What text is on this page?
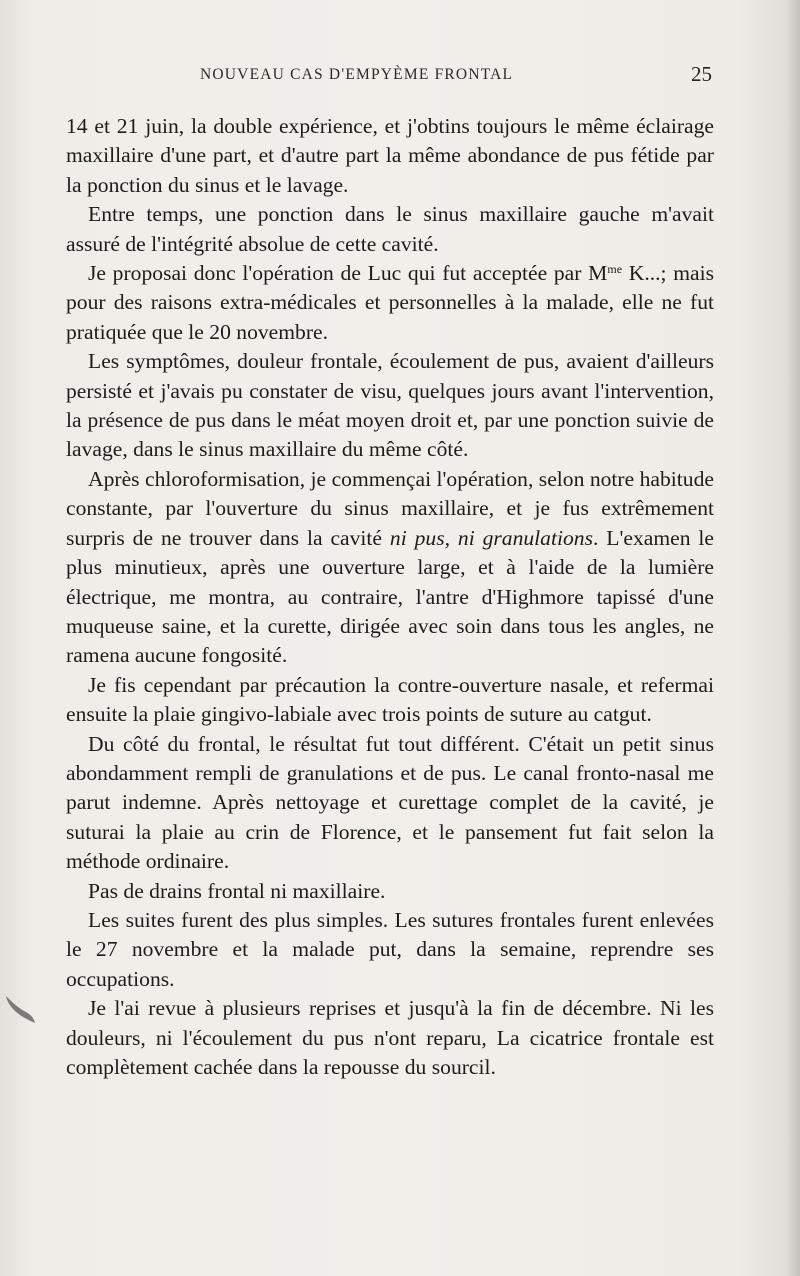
NOUVEAU CAS D'EMPYÈME FRONTAL	25

14 et 21 juin, la double expérience, et j'obtins toujours le même éclairage maxillaire d'une part, et d'autre part la même abondance de pus fétide par la ponction du sinus et le lavage.

Entre temps, une ponction dans le sinus maxillaire gauche m'avait assuré de l'intégrité absolue de cette cavité.

Je proposai donc l'opération de Luc qui fut acceptée par $M^{me}$ K...; mais pour des raisons extra-médicales et personnelles à la malade, elle ne fut pratiquée que le 20 novembre.

Les symptômes, douleur frontale, écoulement de pus, avaient d'ailleurs persisté et j'avais pu constater de visu, quelques jours avant l'intervention, la présence de pus dans le méat moyen droit et, par une ponction suivie de lavage, dans le sinus maxillaire du même côté.

Après chloroformisation, je commençai l'opération, selon notre habitude constante, par l'ouverture du sinus maxillaire, et je fus extrêmement surpris de ne trouver dans la cavité ni pus, ni granulations. L'examen le plus minutieux, après une ouverture large, et à l'aide de la lumière électrique, me montra, au contraire, l'antre d'Highmore tapissé d'une muqueuse saine, et la curette, dirigée avec soin dans tous les angles, ne ramena aucune fongosité.

Je fis cependant par précaution la contre-ouverture nasale, et refermai ensuite la plaie gingivo-labiale avec trois points de suture au catgut.

Du côté du frontal, le résultat fut tout différent. C'était un petit sinus abondamment rempli de granulations et de pus. Le canal fronto-nasal me parut indemne. Après nettoyage et curettage complet de la cavité, je suturai la plaie au crin de Florence, et le pansement fut fait selon la méthode ordinaire.

Pas de drains frontal ni maxillaire.

Les suites furent des plus simples. Les sutures frontales furent enlevées le 27 novembre et la malade put, dans la semaine, reprendre ses occupations.

Je l'ai revue à plusieurs reprises et jusqu'à la fin de décembre. Ni les douleurs, ni l'écoulement du pus n'ont reparu, La cicatrice frontale est complètement cachée dans la repousse du sourcil.
